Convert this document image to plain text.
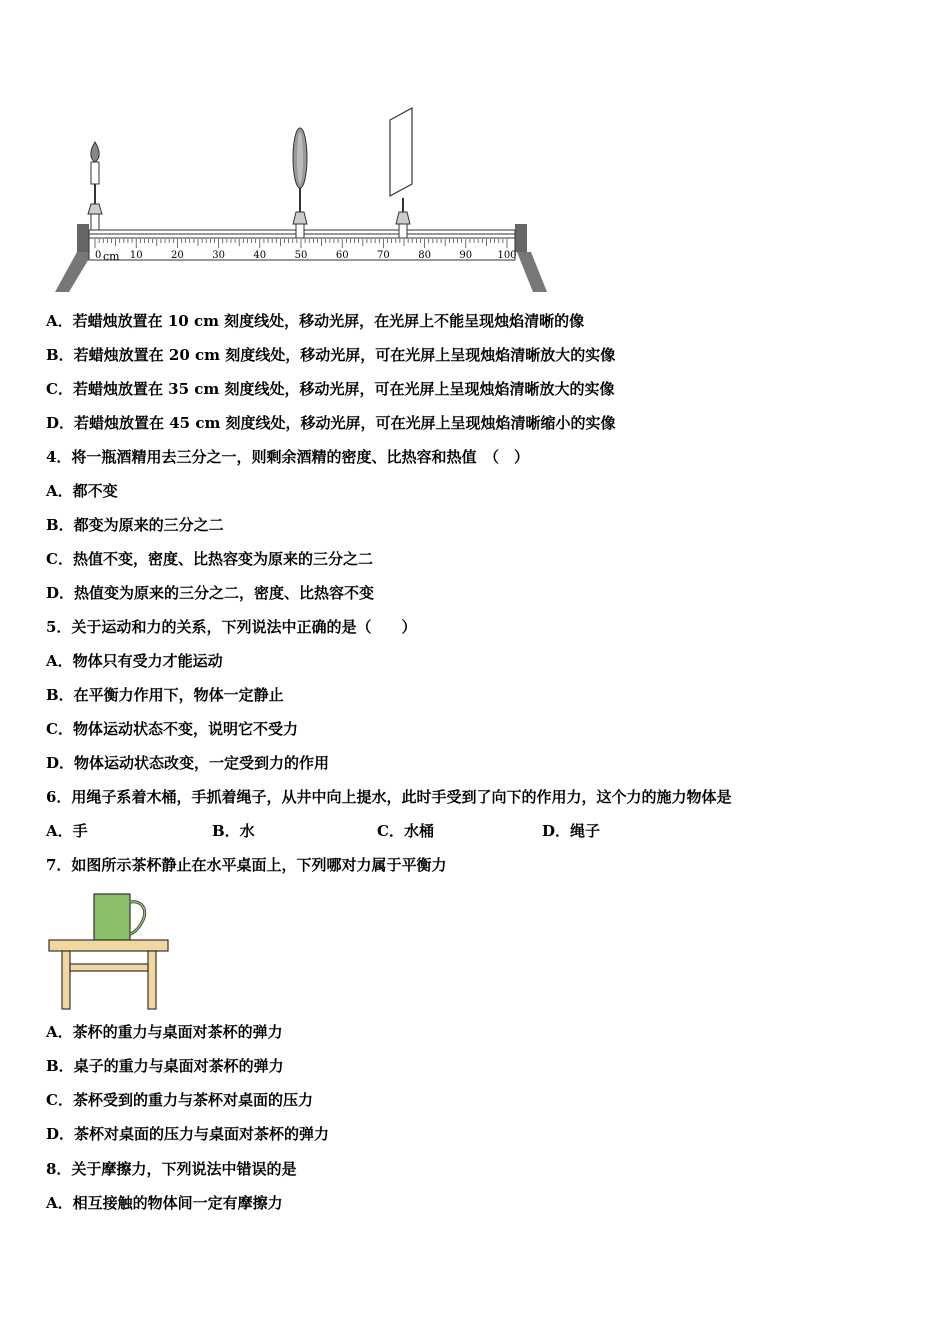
0	10	20	30	40	50	60	70	80	90	100
cm
A．若蜡烛放置在 10 cm 刻度线处，移动光屏，在光屏上不能呈现烛焰清晰的像
B．若蜡烛放置在 20 cm 刻度线处，移动光屏，可在光屏上呈现烛焰清晰放大的实像
C．若蜡烛放置在 35 cm 刻度线处，移动光屏，可在光屏上呈现烛焰清晰放大的实像
D．若蜡烛放置在 45 cm 刻度线处，移动光屏，可在光屏上呈现烛焰清晰缩小的实像
4．将一瓶酒精用去三分之一，则剩余酒精的密度、比热容和热值　（　）
A．都不变
B．都变为原来的三分之二
C．热值不变，密度、比热容变为原来的三分之二
D．热值变为原来的三分之二，密度、比热容不变
5．关于运动和力的关系，下列说法中正确的是（　　）
A．物体只有受力才能运动
B．在平衡力作用下，物体一定静止
C．物体运动状态不变，说明它不受力
D．物体运动状态改变，一定受到力的作用
6．用绳子系着木桶，手抓着绳子，从井中向上提水，此时手受到了向下的作用力，这个力的施力物体是
A．手	B．水	C．水桶	D．绳子
7．如图所示茶杯静止在水平桌面上，下列哪对力属于平衡力
A．茶杯的重力与桌面对茶杯的弹力
B．桌子的重力与桌面对茶杯的弹力
C．茶杯受到的重力与茶杯对桌面的压力
D．茶杯对桌面的压力与桌面对茶杯的弹力
8．关于摩擦力，下列说法中错误的是
A．相互接触的物体间一定有摩擦力
